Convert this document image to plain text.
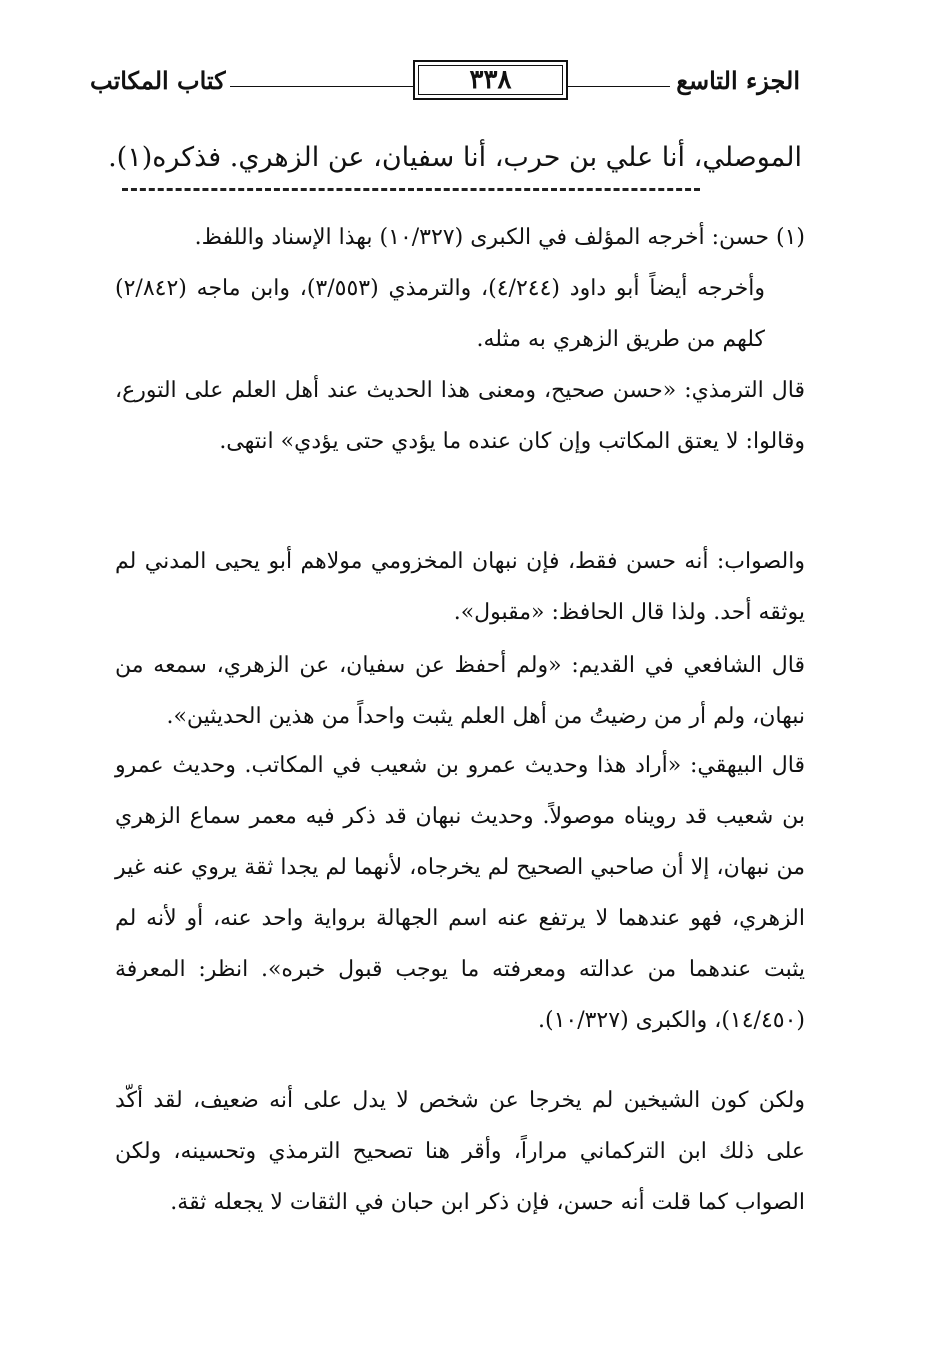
الجزء التاسع
٣٣٨
كتاب المكاتب
الموصلي، أنا علي بن حرب، أنا سفيان، عن الزهري. فذكره(١).
(١) حسن: أخرجه المؤلف في الكبرى (١٠/٣٢٧) بهذا الإسناد واللفظ.
وأخرجه أيضاً أبو داود (٤/٢٤٤)، والترمذي (٣/٥٥٣)، وابن ماجه (٢/٨٤٢) كلهم من طريق الزهري به مثله.
قال الترمذي: «حسن صحيح، ومعنى هذا الحديث عند أهل العلم على التورع، وقالوا: لا يعتق المكاتب وإن كان عنده ما يؤدي حتى يؤدي» انتهى.
والصواب: أنه حسن فقط، فإن نبهان المخزومي مولاهم أبو يحيى المدني لم يوثقه أحد. ولذا قال الحافظ: «مقبول».
قال الشافعي في القديم: «ولم أحفظ عن سفيان، عن الزهري، سمعه من نبهان، ولم أر من رضيتُ من أهل العلم يثبت واحداً من هذين الحديثين».
قال البيهقي: «أراد هذا وحديث عمرو بن شعيب في المكاتب. وحديث عمرو بن شعيب قد رويناه موصولاً. وحديث نبهان قد ذكر فيه معمر سماع الزهري من نبهان، إلا أن صاحبي الصحيح لم يخرجاه، لأنهما لم يجدا ثقة يروي عنه غير الزهري، فهو عندهما لا يرتفع عنه اسم الجهالة برواية واحد عنه، أو لأنه لم يثبت عندهما من عدالته ومعرفته ما يوجب قبول خبره». انظر: المعرفة (١٤/٤٥٠)، والكبرى (١٠/٣٢٧).
ولكن كون الشيخين لم يخرجا عن شخص لا يدل على أنه ضعيف، لقد أكّد على ذلك ابن التركماني مراراً، وأقر هنا تصحيح الترمذي وتحسينه، ولكن الصواب كما قلت أنه حسن، فإن ذكر ابن حبان في الثقات لا يجعله ثقة.
